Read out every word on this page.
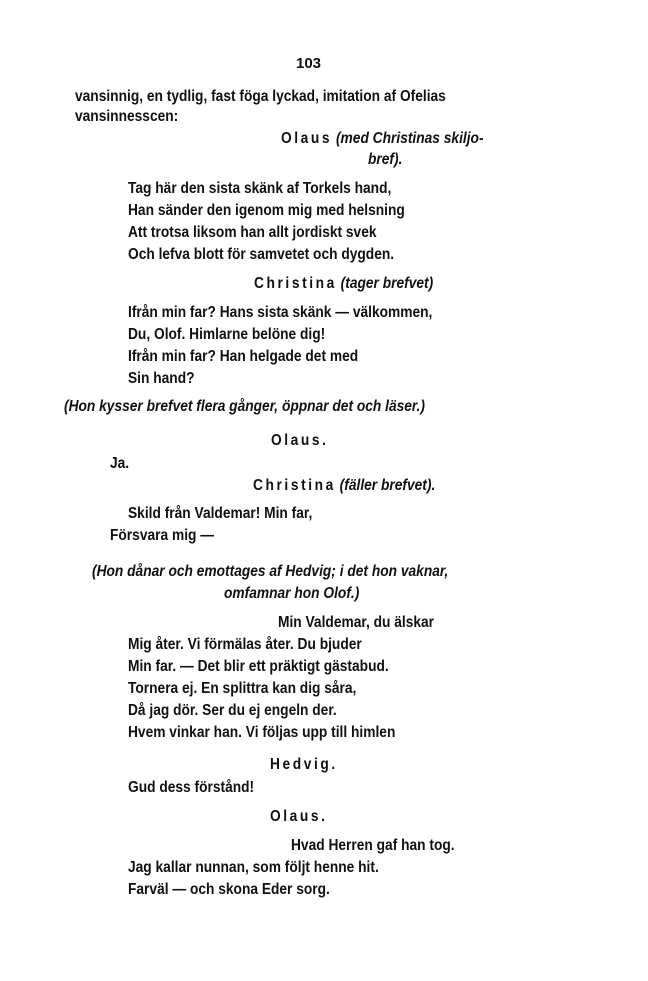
103
vansinnig, en tydlig, fast föga lyckad, imitation af Ofelias
vansinnesscen:
Olaus (med Christinas skiljo-
bref).
Tag här den sista skänk af Torkels hand,
Han sänder den igenom mig med helsning
Att trotsa liksom han allt jordiskt svek
Och lefva blott för samvetet och dygden.
Christina (tager brefvet)
Ifrån min far? Hans sista skänk — välkommen,
Du, Olof. Himlarne belöne dig!
Ifrån min far? Han helgade det med
Sin hand?
(Hon kysser brefvet flera gånger, öppnar det och läser.)
Olaus.
Ja.
Christina (fäller brefvet).
Skild från Valdemar! Min far,
Försvara mig —
(Hon dånar och emottages af Hedvig; i det hon vaknar,
omfamnar hon Olof.)
Min Valdemar, du älskar
Mig åter. Vi förmälas åter. Du bjuder
Min far. — Det blir ett präktigt gästabud.
Tornera ej. En splittra kan dig såra,
Då jag dör. Ser du ej engeln der.
Hvem vinkar han. Vi följas upp till himlen
Hedvig.
Gud dess förstånd!
Olaus.
Hvad Herren gaf han tog.
Jag kallar nunnan, som följt henne hit.
Farväl — och skona Eder sorg.
